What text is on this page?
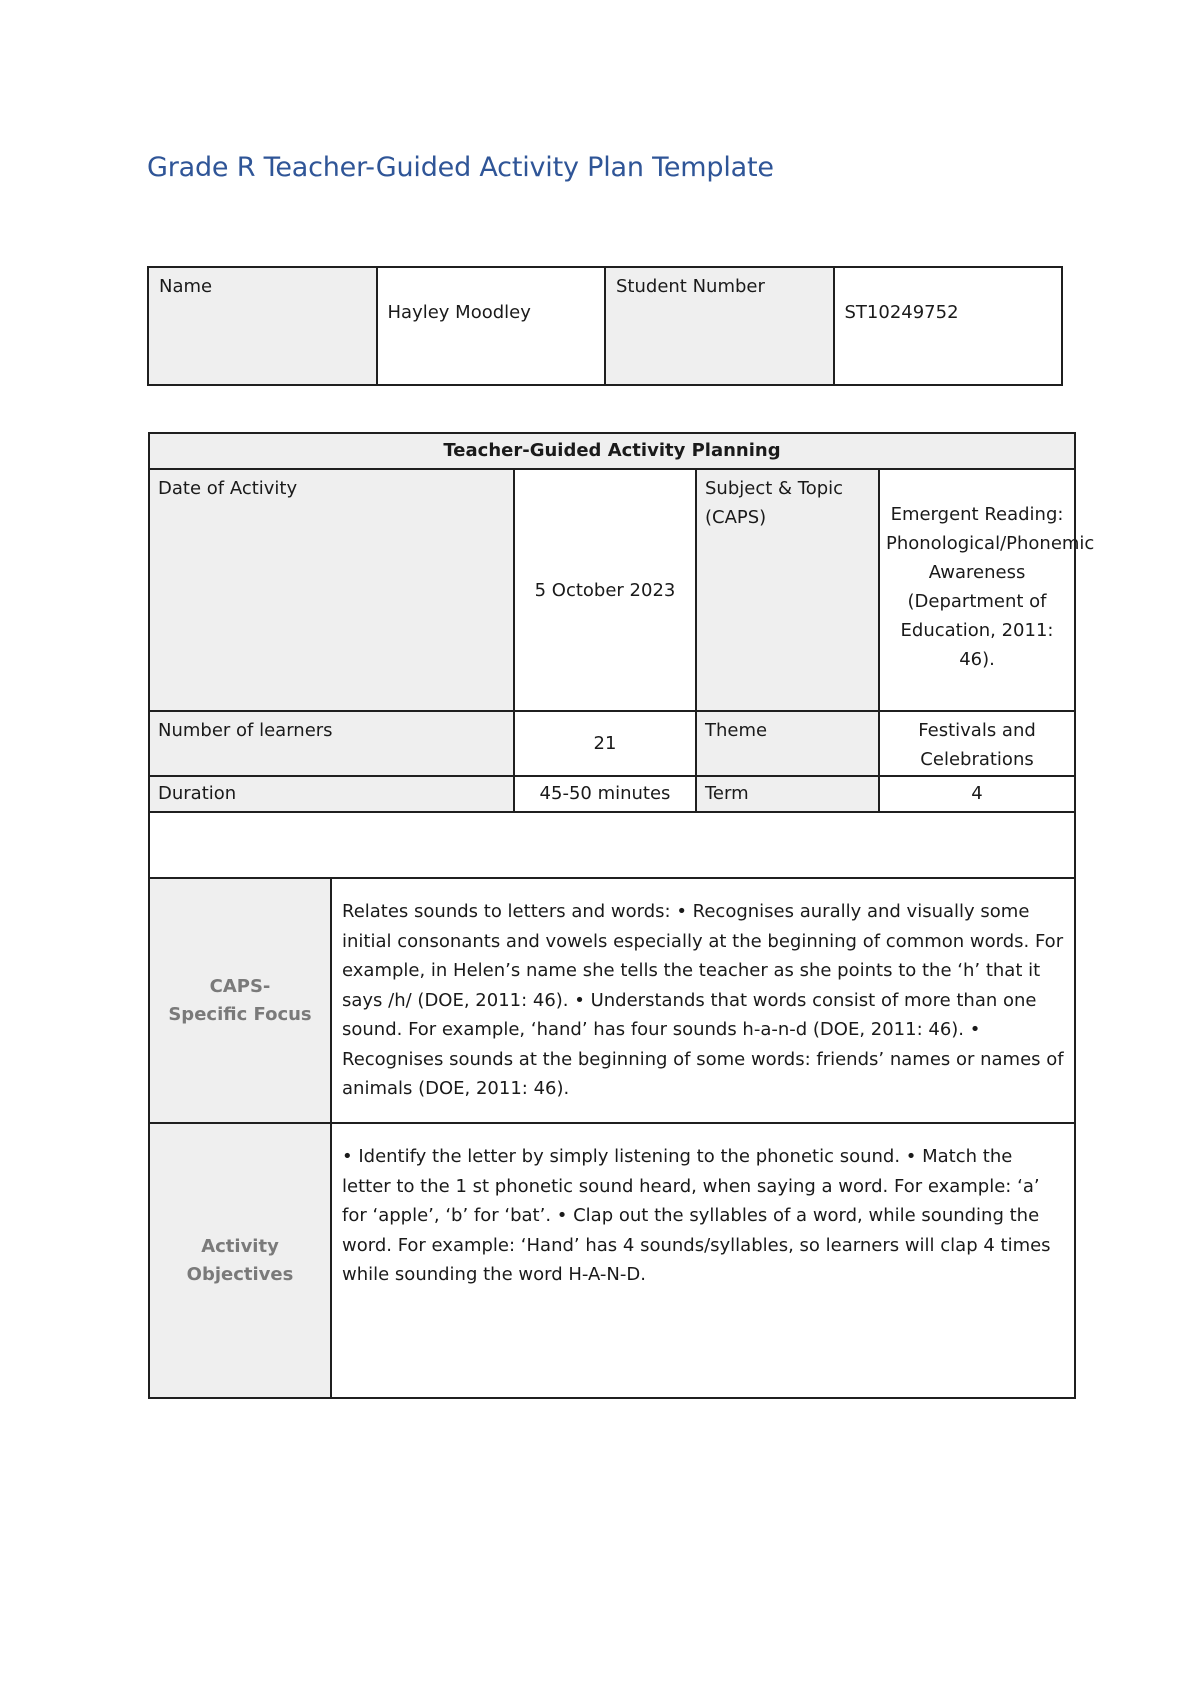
Grade R Teacher-Guided Activity Plan Template
Name	Hayley Moodley	Student Number	ST10249752
Teacher-Guided Activity Planning				
Date of Activity		5 October 2023	Subject & Topic (CAPS)	Emergent Reading: Phonological/Phonemic Awareness (Department of Education, 2011: 46).
Number of learners		21	Theme	Festivals and Celebrations
Duration		45-50 minutes	Term	4

CAPS-
Specific Focus	Relates sounds to letters and words: • Recognises aurally and visually some initial consonants and vowels especially at the beginning of common words. For example, in Helen’s name she tells the teacher as she points to the ‘h’ that it says /h/ (DOE, 2011: 46). • Understands that words consist of more than one sound. For example, ‘hand’ has four sounds h-a-n-d (DOE, 2011: 46). • Recognises sounds at the beginning of some words: friends’ names or names of animals (DOE, 2011: 46).			
Activity Objectives	• Identify the letter by simply listening to the phonetic sound. • Match the letter to the 1 st phonetic sound heard, when saying a word. For example: ‘a’ for ‘apple’, ‘b’ for ‘bat’. • Clap out the syllables of a word, while sounding the word. For example: ‘Hand’ has 4 sounds/syllables, so learners will clap 4 times while sounding the word H-A-N-D.			
